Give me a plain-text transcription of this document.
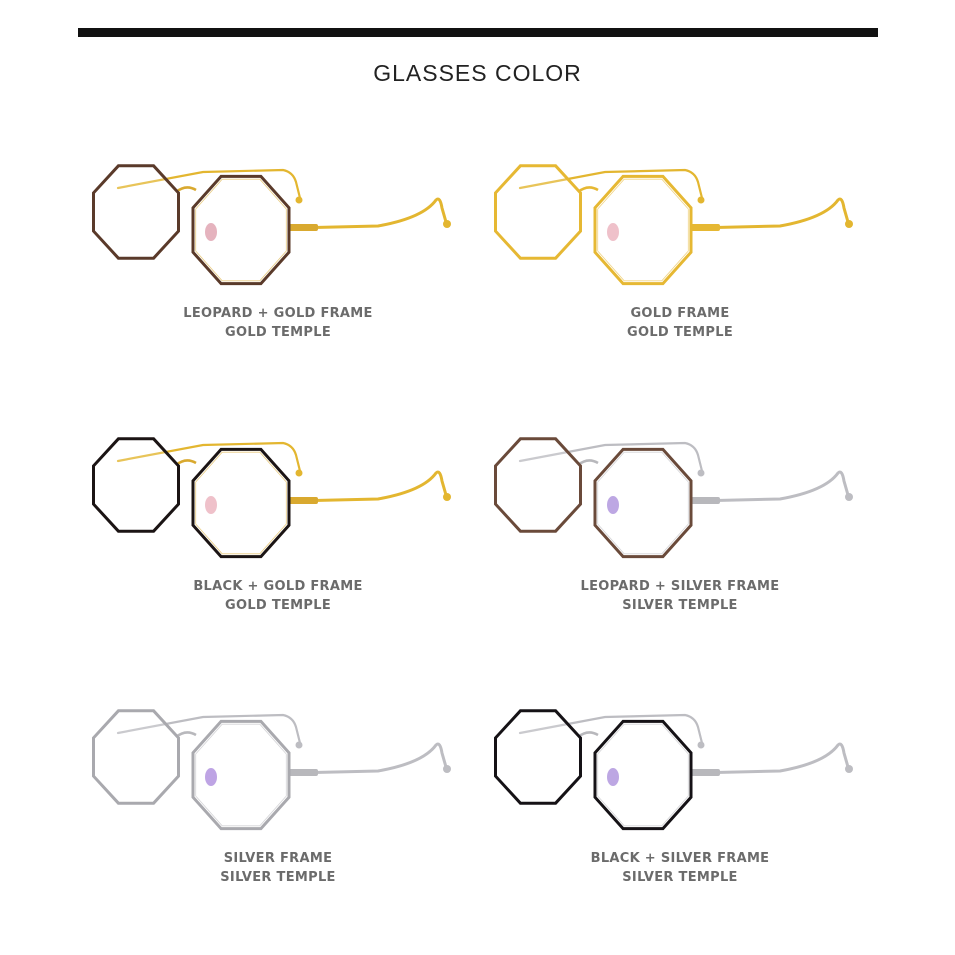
GLASSES COLOR
LEOPARD + GOLD FRAME
GOLD TEMPLE
GOLD FRAME
GOLD TEMPLE
BLACK + GOLD FRAME
GOLD TEMPLE
LEOPARD + SILVER FRAME
SILVER TEMPLE
SILVER FRAME
SILVER TEMPLE
BLACK + SILVER FRAME
SILVER TEMPLE
